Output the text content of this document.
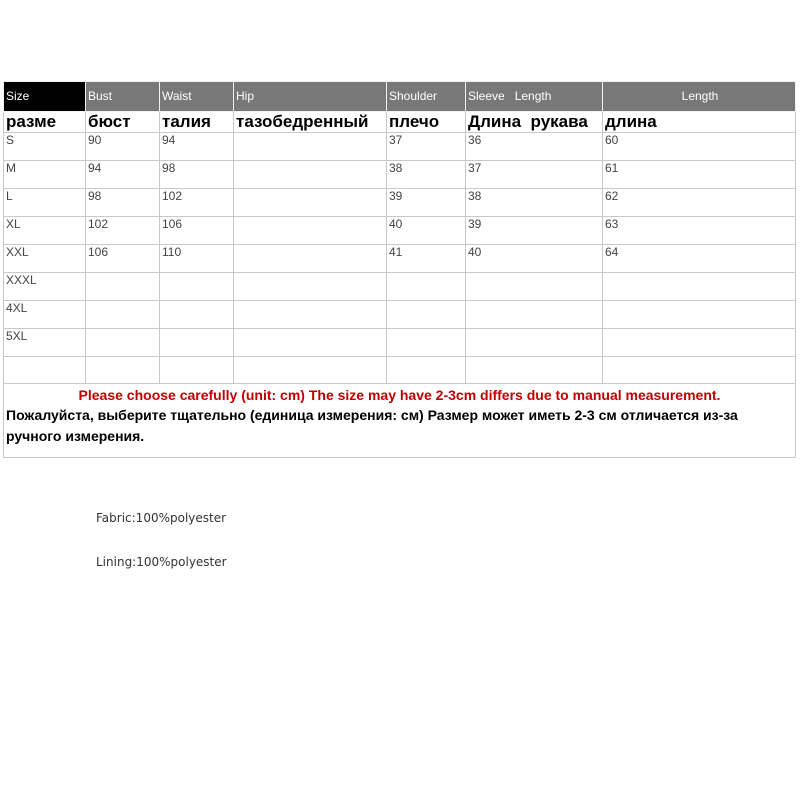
Size	Bust	Waist	Hip	Shoulder	Sleeve   Length	Length
разме	бюст	талия	тазобедренный	плечо	Длина  рукава	длина
S	90	94		37	36	60
M	94	98		38	37	61
L	98	102		39	38	62
XL	102	106		40	39	63
XXL	106	110		41	40	64
XXXL						
4XL						
5XL						

Please choose carefully (unit: cm) The size may have 2-3cm differs due to manual measurement.
Пожалуйста, выберите тщательно (единица измерения: см) Размер может иметь 2-3 см отличается из-за ручного измерения.						
Fabric:100%polyester
Lining:100%polyester
